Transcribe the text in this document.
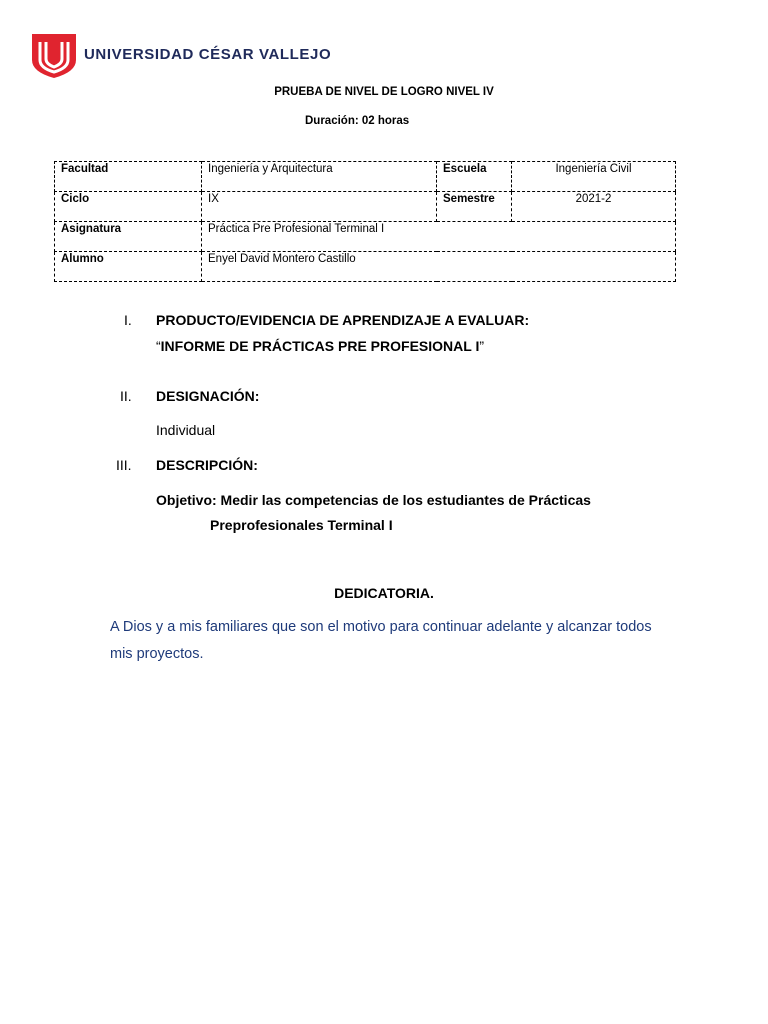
UNIVERSIDAD CÉSAR VALLEJO
PRUEBA DE NIVEL DE LOGRO NIVEL IV
Duración: 02 horas
Facultad	Ingeniería y Arquitectura	Escuela	Ingeniería Civil
Ciclo	IX	Semestre	2021-2
Asignatura	Práctica Pre Profesional Terminal I		
Alumno	Enyel David Montero Castillo		
I. PRODUCTO/EVIDENCIA DE APRENDIZAJE A EVALUAR:
“INFORME DE PRÁCTICAS PRE PROFESIONAL I”
II. DESIGNACIÓN:
Individual
III. DESCRIPCIÓN:
Objetivo: Medir las competencias de los estudiantes de Prácticas
Preprofesionales Terminal I
DEDICATORIA.
A Dios y a mis familiares que son el motivo para continuar adelante y alcanzar todos mis proyectos.
